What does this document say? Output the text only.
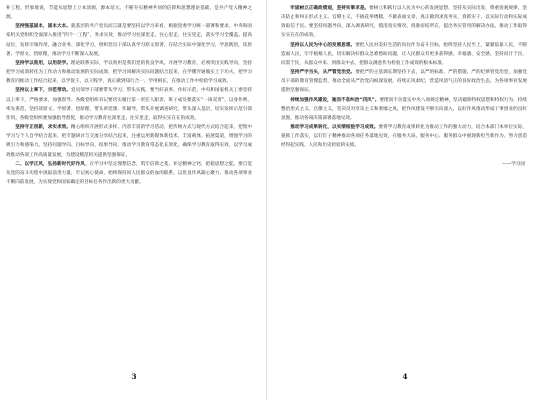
补工程，形象地说，节能从思想上立本清源，源本培元。不断夯实精神共同的信仰和思想理论基础，是共产党人精神之源。

坚持强基固本，固本大本。就基层的共产党员而言就是要坚持以学习来看，根据党委学习统一部署和要求，中央和国家机关党组织全面深入推进”四个一工程”，务求实效，推动学习往深里走、往心里走、往实里走，落实学习全覆盖。提高站位，发挥引领作用，融合业务、深化学习，组织党员干部认真学习原文原著，在结合实际中深化学习，学思践悟，读原著、学原文、悟原理，推动学习不断深入发展。

坚持学以致用，以用促学。理论联系实际，学以致用是我们党的优良学风。开展学习教育，必须突出实践导向，坚持把学习成效转化为工作动力和推动发展的实际成效，把学习同解决实际问题结合起来，在学懂弄通做实上下功夫，把学习教育同推动工作结合起来，以学促干、以干践学，真正做到知行合一、学用相长，在推动工作中检验学习成效。

坚持以上率下，示范带动。党员领导干部要带头学习、带头实践，要当好表率、作好示范。中央和国家机关工委坚持以上率下，严格要求，加强督导。各级党组织书记要切实履行第一责任人职责，班子成员要落实“一岗双责”，以身作则、率先垂范，坚持读原文、学原著、悟原理，带头讲党课、作辅导，带头开展调查研究，带头深入基层，切实发挥示范引领作用。各级党组织要加强指导督促，推动学习教育往深里走、往实里走，取得实实在在的成效。

坚持守正创新，求实求效。精心组织开展形式多样、内容丰富的学习活动，把传统方式与现代方式结合起来，把集中学习与个人自学结合起来，把专题研讨与交流分享结合起来，注重运用新媒体新技术，丰富载体、拓展渠道，增强学习的吸引力和感染力。坚持问题导向、目标导向、结果导向，推动学习教育常态化长效化，确保学习教育取得实效，以学习成效推动各项工作高质量发展，为建设模范机关提供坚强保证。

二、以学正风，弘扬新时代好作风。在学习中坚定理想信念，筑牢信仰之基，补足精神之钙，把稳思想之舵。要自觉从党的奋斗历程中汲取前进力量，牢记初心使命，始终保持同人民群众的血肉联系，以优良作风凝心聚力，推动各项事业不断向前发展，为实现党和国家确定的目标任务作出新的更大贡献。

3

牢固树立正确政绩观，坚持实事求是。要树立和践行以人民为中心的发展思想，坚持从实际出发，尊重客观规律，坚决防止和纠正形式主义、官僚主义，不搞花拳绣腿，不做表面文章，真正做到求真务实、真抓实干，以实际行动和实际成效取信于民。要坚持问题导向，深入调查研究，摸清真实情况，找准症结所在，提出务实管用的解决办法，推动工作取得实实在在的成效。

坚持以人民为中心的发展思想。要把人民对美好生活的向往作为奋斗目标，始终坚持人民至上，紧紧依靠人民，不断造福人民，牢牢植根人民，切实解决好群众急难愁盼问题，让人民群众有更多获得感、幸福感、安全感。坚持问计于民、问需于民，从群众中来、到群众中去，把群众满意作为检验工作成效的根本标准。

坚持严字当头，从严管党治党。要把严的主基调长期坚持下去，以严的标准、严的措施、严的纪律管党治党，加强党员干部的教育管理监督，推动全面从严治党向纵深发展，持续正风肃纪，营造风清气正的良好政治生态，为各项事业发展提供坚强保证。

持续加强作风建设，驰而不息纠治“四风”。要锲而不舍落实中央八项规定精神，坚决破除特权思想和特权行为，持续整治形式主义、官僚主义，坚决反对享乐主义和奢靡之风，把作风建设不断引向深入，以好作风推动形成干事创业的良好氛围，推动各项决策部署落地见效。

推动学习成果转化，以实绩检验学习成效。要将学习教育成果转化为推动工作的强大动力，结合本部门本单位实际，狠抓工作落实，以钉钉子精神推动各项任务落地见效，在服务大局、服务中心、服务群众中展现新担当新作为，努力创造经得起实践、人民和历史检验的实绩。

——学习园

4
